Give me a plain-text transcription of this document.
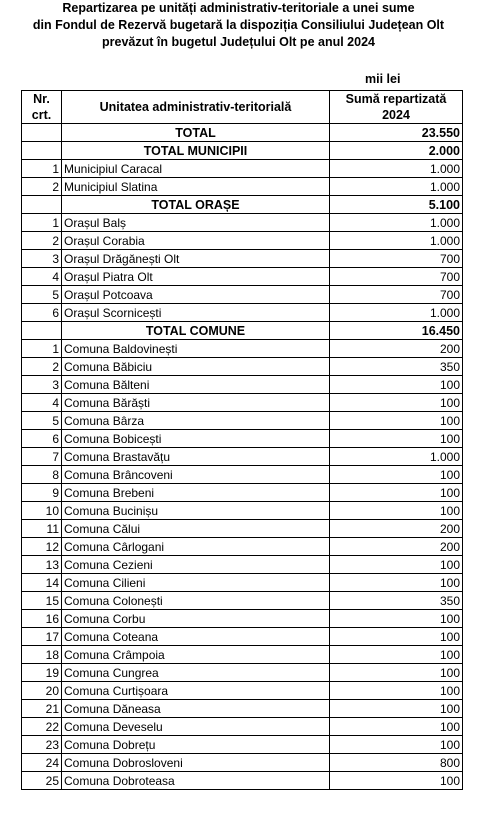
Repartizarea pe unități administrativ-teritoriale a unei sume
din Fondul de Rezervă bugetară la dispoziția Consiliului Județean Olt
prevăzut în bugetul Județului Olt pe anul 2024
mii lei
Nr. crt.	Unitatea administrativ-teritorială	Sumă repartizată 2024
	TOTAL	23.550
	TOTAL MUNICIPII	2.000
1	Municipiul Caracal	1.000
2	Municipiul Slatina	1.000
	TOTAL ORAȘE	5.100
1	Orașul Balș	1.000
2	Orașul Corabia	1.000
3	Orașul Drăgănești Olt	700
4	Orașul Piatra Olt	700
5	Orașul Potcoava	700
6	Orașul Scornicești	1.000
	TOTAL COMUNE	16.450
1	Comuna Baldovinești	200
2	Comuna Băbiciu	350
3	Comuna Bălteni	100
4	Comuna Bărăști	100
5	Comuna Bârza	100
6	Comuna Bobicești	100
7	Comuna Brastavățu	1.000
8	Comuna Brâncoveni	100
9	Comuna Brebeni	100
10	Comuna Bucinișu	100
11	Comuna Călui	200
12	Comuna Cârlogani	200
13	Comuna Cezieni	100
14	Comuna Cilieni	100
15	Comuna Colonești	350
16	Comuna Corbu	100
17	Comuna Coteana	100
18	Comuna Crâmpoia	100
19	Comuna Cungrea	100
20	Comuna Curtișoara	100
21	Comuna Dăneasa	100
22	Comuna Deveselu	100
23	Comuna Dobrețu	100
24	Comuna Dobrosloveni	800
25	Comuna Dobroteasa	100
